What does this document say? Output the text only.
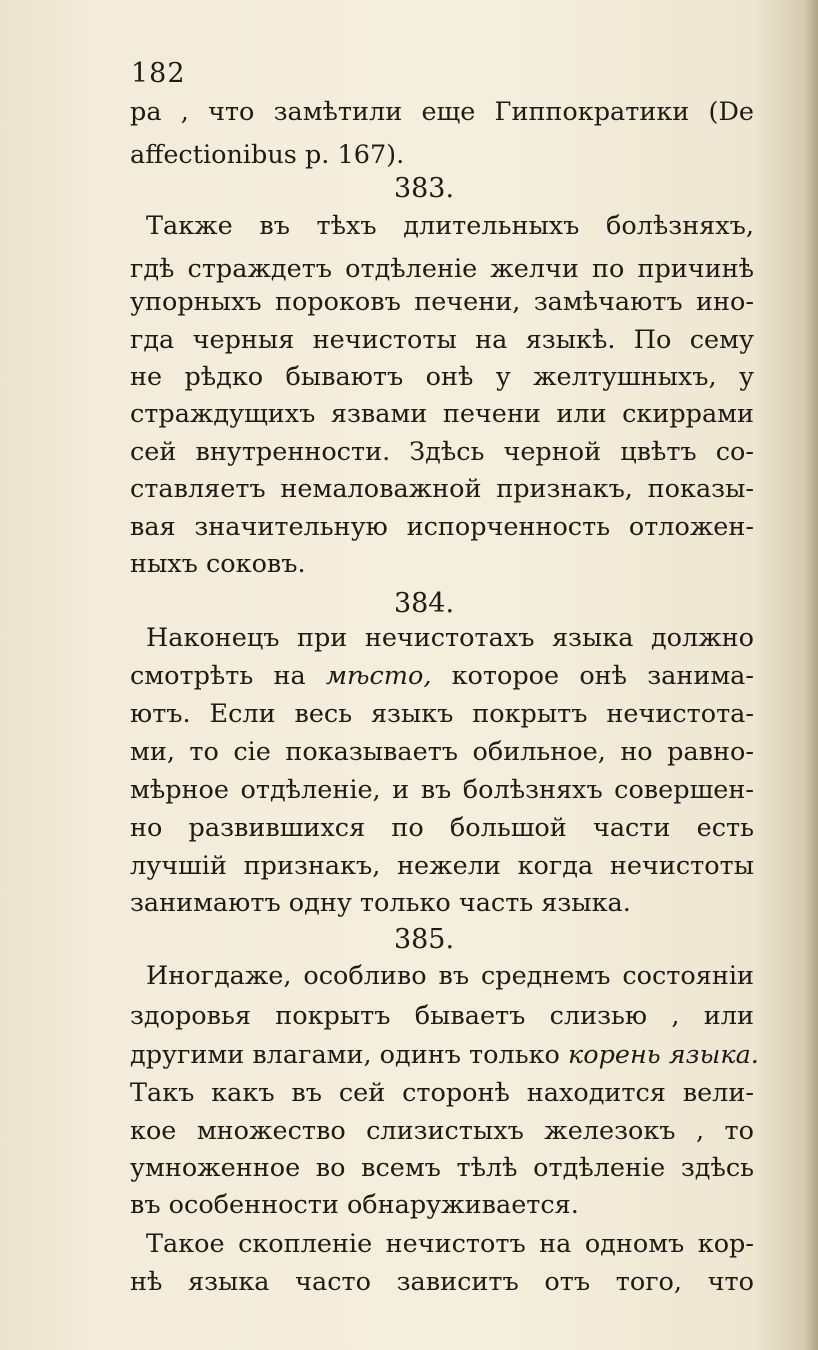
182
ра , что замѣтили еще Гиппократики (De
affectionibus p. 167).
383.
Также въ тѣхъ длительныхъ болѣзняхъ,
гдѣ страждетъ отдѣленіе желчи по причинѣ
упорныхъ пороковъ печени, замѣчаютъ ино-
гда черныя нечистоты на языкѣ. По сему
не рѣдко бываютъ онѣ у желтушныхъ, у
страждущихъ язвами печени или скиррами
сей внутренности. Здѣсь черной цвѣтъ со-
ставляетъ немаловажной признакъ, показы-
вая значительную испорченность отложен-
ныхъ соковъ.
384.
Наконецъ при нечистотахъ языка должно
смотрѣть на мѣсто, которое онѣ занима-
ютъ. Если весь языкъ покрытъ нечистота-
ми, то сіе показываетъ обильное, но равно-
мѣрное отдѣленіе, и въ болѣзняхъ совершен-
но развившихся по большой части есть
лучшій признакъ, нежели когда нечистоты
занимаютъ одну только часть языка.
385.
Иногдаже, особливо въ среднемъ состояніи
здоровья покрытъ бываетъ слизью , или
другими влагами, одинъ только корень языка.
Такъ какъ въ сей сторонѣ находится вели-
кое множество слизистыхъ железокъ , то
умноженное во всемъ тѣлѣ отдѣленіе здѣсь
въ особенности обнаруживается.
Такое скопленіе нечистотъ на одномъ кор-
нѣ языка часто зависитъ отъ того, что
